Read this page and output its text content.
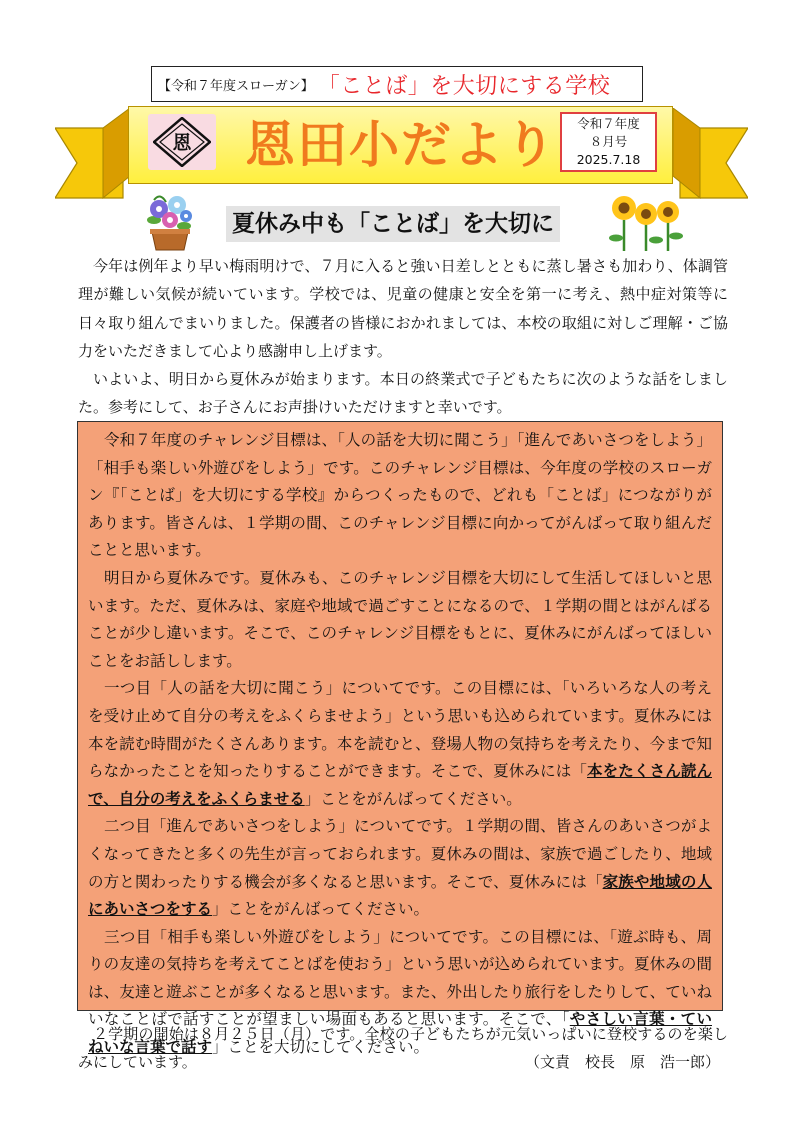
【令和７年度スローガン】 「ことば」を大切にする学校
恩 恩田小だより	令和７年度
８月号
2025.7.18
夏休み中も「ことば」を大切に

今年は例年より早い梅雨明けで、７月に入ると強い日差しとともに蒸し暑さも加わり、体調管理が難しい気候が続いています。学校では、児童の健康と安全を第一に考え、熱中症対策等に日々取り組んでまいりました。保護者の皆様におかれましては、本校の取組に対しご理解・ご協力をいただきまして心より感謝申し上げます。

いよいよ、明日から夏休みが始まります。本日の終業式で子どもたちに次のような話をしました。参考にして、お子さんにお声掛けいただけますと幸いです。

令和７年度のチャレンジ目標は、「人の話を大切に聞こう」「進んであいさつをしよう」「相手も楽しい外遊びをしよう」です。このチャレンジ目標は、今年度の学校のスローガン『「ことば」を大切にする学校』からつくったもので、どれも「ことば」につながりがあります。皆さんは、１学期の間、このチャレンジ目標に向かってがんばって取り組んだことと思います。

明日から夏休みです。夏休みも、このチャレンジ目標を大切にして生活してほしいと思います。ただ、夏休みは、家庭や地域で過ごすことになるので、１学期の間とはがんばることが少し違います。そこで、このチャレンジ目標をもとに、夏休みにがんばってほしいことをお話しします。

一つ目「人の話を大切に聞こう」についてです。この目標には、「いろいろな人の考えを受け止めて自分の考えをふくらませよう」という思いも込められています。夏休みには本を読む時間がたくさんあります。本を読むと、登場人物の気持ちを考えたり、今まで知らなかったことを知ったりすることができます。そこで、夏休みには「本をたくさん読んで、自分の考えをふくらませる」ことをがんばってください。

二つ目「進んであいさつをしよう」についてです。１学期の間、皆さんのあいさつがよくなってきたと多くの先生が言っておられます。夏休みの間は、家族で過ごしたり、地域の方と関わったりする機会が多くなると思います。そこで、夏休みには「家族や地域の人にあいさつをする」ことをがんばってください。

三つ目「相手も楽しい外遊びをしよう」についてです。この目標には、「遊ぶ時も、周りの友達の気持ちを考えてことばを使おう」という思いが込められています。夏休みの間は、友達と遊ぶことが多くなると思います。また、外出したり旅行をしたりして、ていねいなことばで話すことが望ましい場面もあると思います。そこで、「やさしい言葉・ていねいな言葉で話す」ことを大切にしてください。

２学期の開始は８月２５日（月）です。全校の子どもたちが元気いっぱいに登校するのを楽しみにしています。	（文責　校長　原　浩一郎）
